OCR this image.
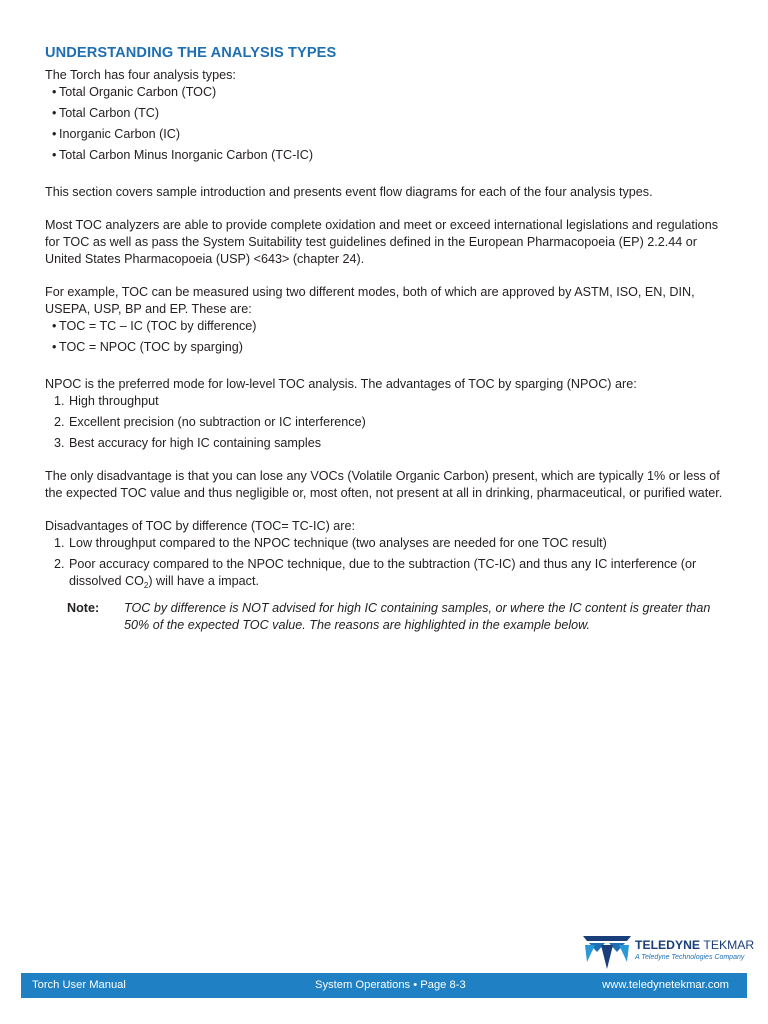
UNDERSTANDING THE ANALYSIS TYPES

The Torch has four analysis types:

• Total Organic Carbon (TOC)
• Total Carbon (TC)
• Inorganic Carbon (IC)
• Total Carbon Minus Inorganic Carbon (TC-IC)

This section covers sample introduction and presents event flow diagrams for each of the four analysis types.

Most TOC analyzers are able to provide complete oxidation and meet or exceed international legislations and regulations for TOC as well as pass the System Suitability test guidelines defined in the European Pharmacopoeia (EP) 2.2.44 or United States Pharmacopoeia (USP) <643> (chapter 24).

For example, TOC can be measured using two different modes, both of which are approved by ASTM, ISO, EN, DIN, USEPA, USP, BP and EP. These are:

• TOC = TC – IC (TOC by difference)
• TOC = NPOC (TOC by sparging)

NPOC is the preferred mode for low-level TOC analysis. The advantages of TOC by sparging (NPOC) are:

1. High throughput
2. Excellent precision (no subtraction or IC interference)
3. Best accuracy for high IC containing samples

The only disadvantage is that you can lose any VOCs (Volatile Organic Carbon) present, which are typically 1% or less of the expected TOC value and thus negligible or, most often, not present at all in drinking, pharmaceutical, or purified water.

Disadvantages of TOC by difference (TOC= TC-IC) are:

1. Low throughput compared to the NPOC technique (two analyses are needed for one TOC result)
2. Poor accuracy compared to the NPOC technique, due to the subtraction (TC-IC) and thus any IC interference (or dissolved $CO_2$) will have a impact.
Note: TOC by difference is NOT advised for high IC containing samples, or where the IC content is greater than 50% of the expected TOC value. The reasons are highlighted in the example below.
TELEDYNE TEKMAR
A Teledyne Technologies Company
Torch User Manual	System Operations • Page 8-3	www.teledynetekmar.com
